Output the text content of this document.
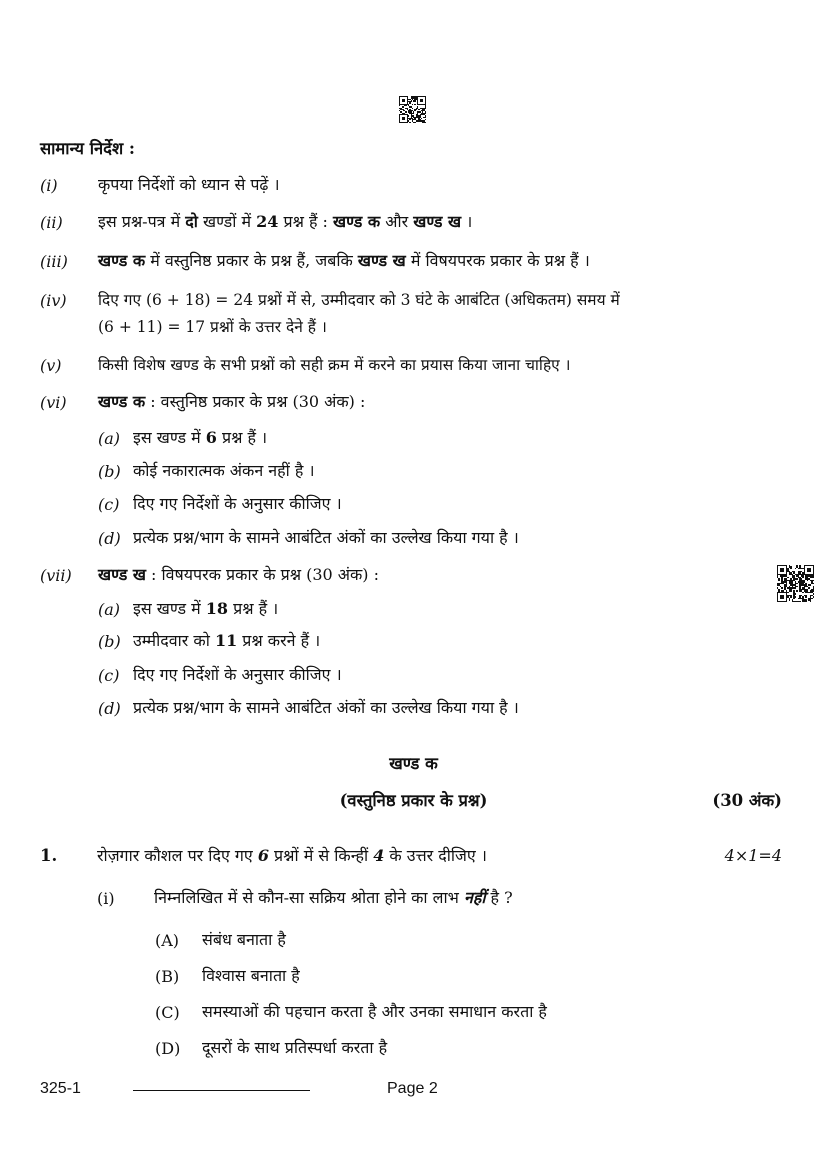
सामान्य निर्देश :
(i)	कृपया निर्देशों को ध्यान से पढ़ें ।
(ii) इस प्रश्न-पत्र में दो खण्डों में 24 प्रश्न हैं : खण्ड क और खण्ड ख ।
(iii) खण्ड क में वस्तुनिष्ठ प्रकार के प्रश्न हैं, जबकि खण्ड ख में विषयपरक प्रकार के प्रश्न हैं ।
(iv) दिए गए (6 + 18) = 24 प्रश्नों में से, उम्मीदवार को 3 घंटे के आबंटित (अधिकतम) समय में
(6 + 11) = 17 प्रश्नों के उत्तर देने हैं ।
(v) किसी विशेष खण्ड के सभी प्रश्नों को सही क्रम में करने का प्रयास किया जाना चाहिए ।
(vi) खण्ड क : वस्तुनिष्ठ प्रकार के प्रश्न (30 अंक) :
(a) इस खण्ड में 6 प्रश्न हैं ।
(b) कोई नकारात्मक अंकन नहीं है ।
(c) दिए गए निर्देशों के अनुसार कीजिए ।
(d) प्रत्येक प्रश्न/भाग के सामने आबंटित अंकों का उल्लेख किया गया है ।
(vii) खण्ड ख : विषयपरक प्रकार के प्रश्न (30 अंक) :
(a) इस खण्ड में 18 प्रश्न हैं ।
(b) उम्मीदवार को 11 प्रश्न करने हैं ।
(c) दिए गए निर्देशों के अनुसार कीजिए ।
(d) प्रत्येक प्रश्न/भाग के सामने आबंटित अंकों का उल्लेख किया गया है ।
खण्ड क
(वस्तुनिष्ठ प्रकार के प्रश्न)	(30 अंक)
1. रोज़गार कौशल पर दिए गए 6 प्रश्नों में से किन्हीं 4 के उत्तर दीजिए ।	4×1=4
(i) निम्नलिखित में से कौन-सा सक्रिय श्रोता होने का लाभ नहीं है ?
(A) संबंध बनाता है
(B) विश्वास बनाता है
(C) समस्याओं की पहचान करता है और उनका समाधान करता है
(D) दूसरों के साथ प्रतिस्पर्धा करता है
325-1	Page 2
